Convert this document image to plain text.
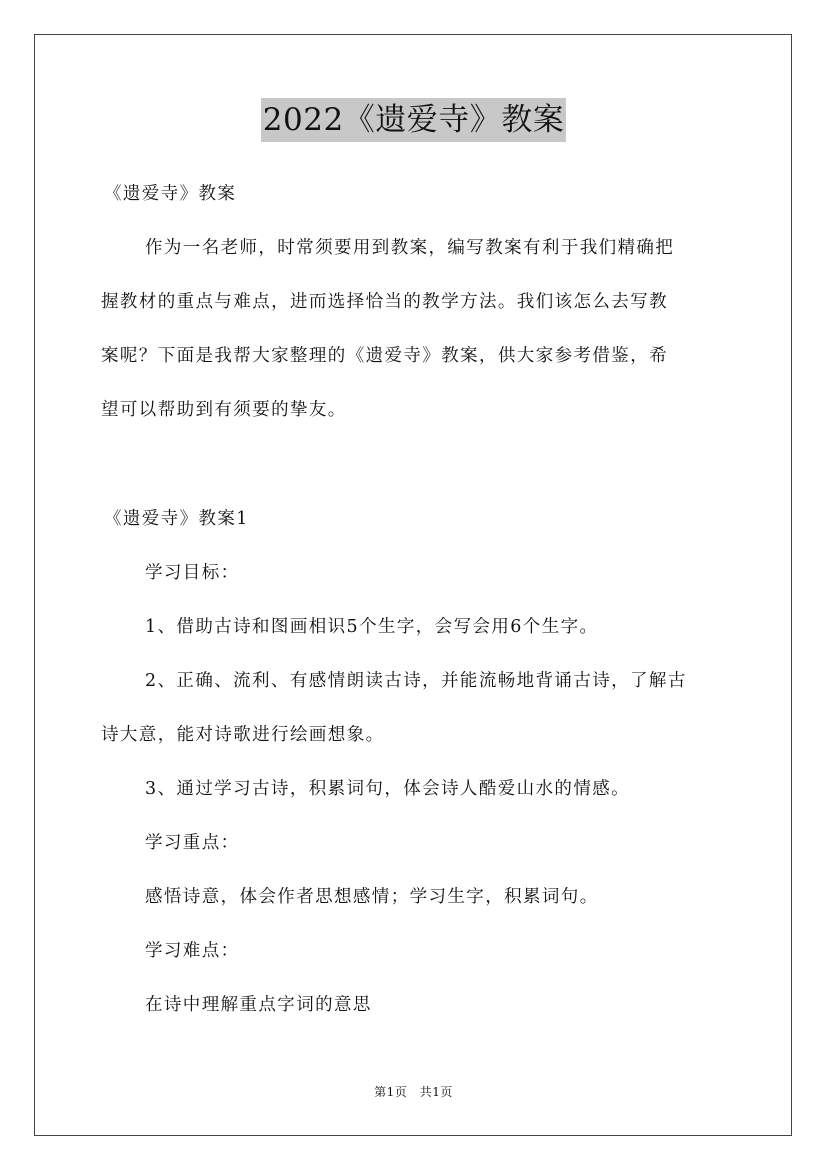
2022《遗爱寺》教案

《遗爱寺》教案

作为一名老师，时常须要用到教案，编写教案有利于我们精确把

握教材的重点与难点，进而选择恰当的教学方法。我们该怎么去写教

案呢？下面是我帮大家整理的《遗爱寺》教案，供大家参考借鉴，希

望可以帮助到有须要的挚友。

《遗爱寺》教案1

学习目标：

1、借助古诗和图画相识5个生字，会写会用6个生字。

2、正确、流利、有感情朗读古诗，并能流畅地背诵古诗，了解古

诗大意，能对诗歌进行绘画想象。

3、通过学习古诗，积累词句，体会诗人酷爱山水的情感。

学习重点：

感悟诗意，体会作者思想感情；学习生字，积累词句。

学习难点：

在诗中理解重点字词的意思

第1页　共1页
